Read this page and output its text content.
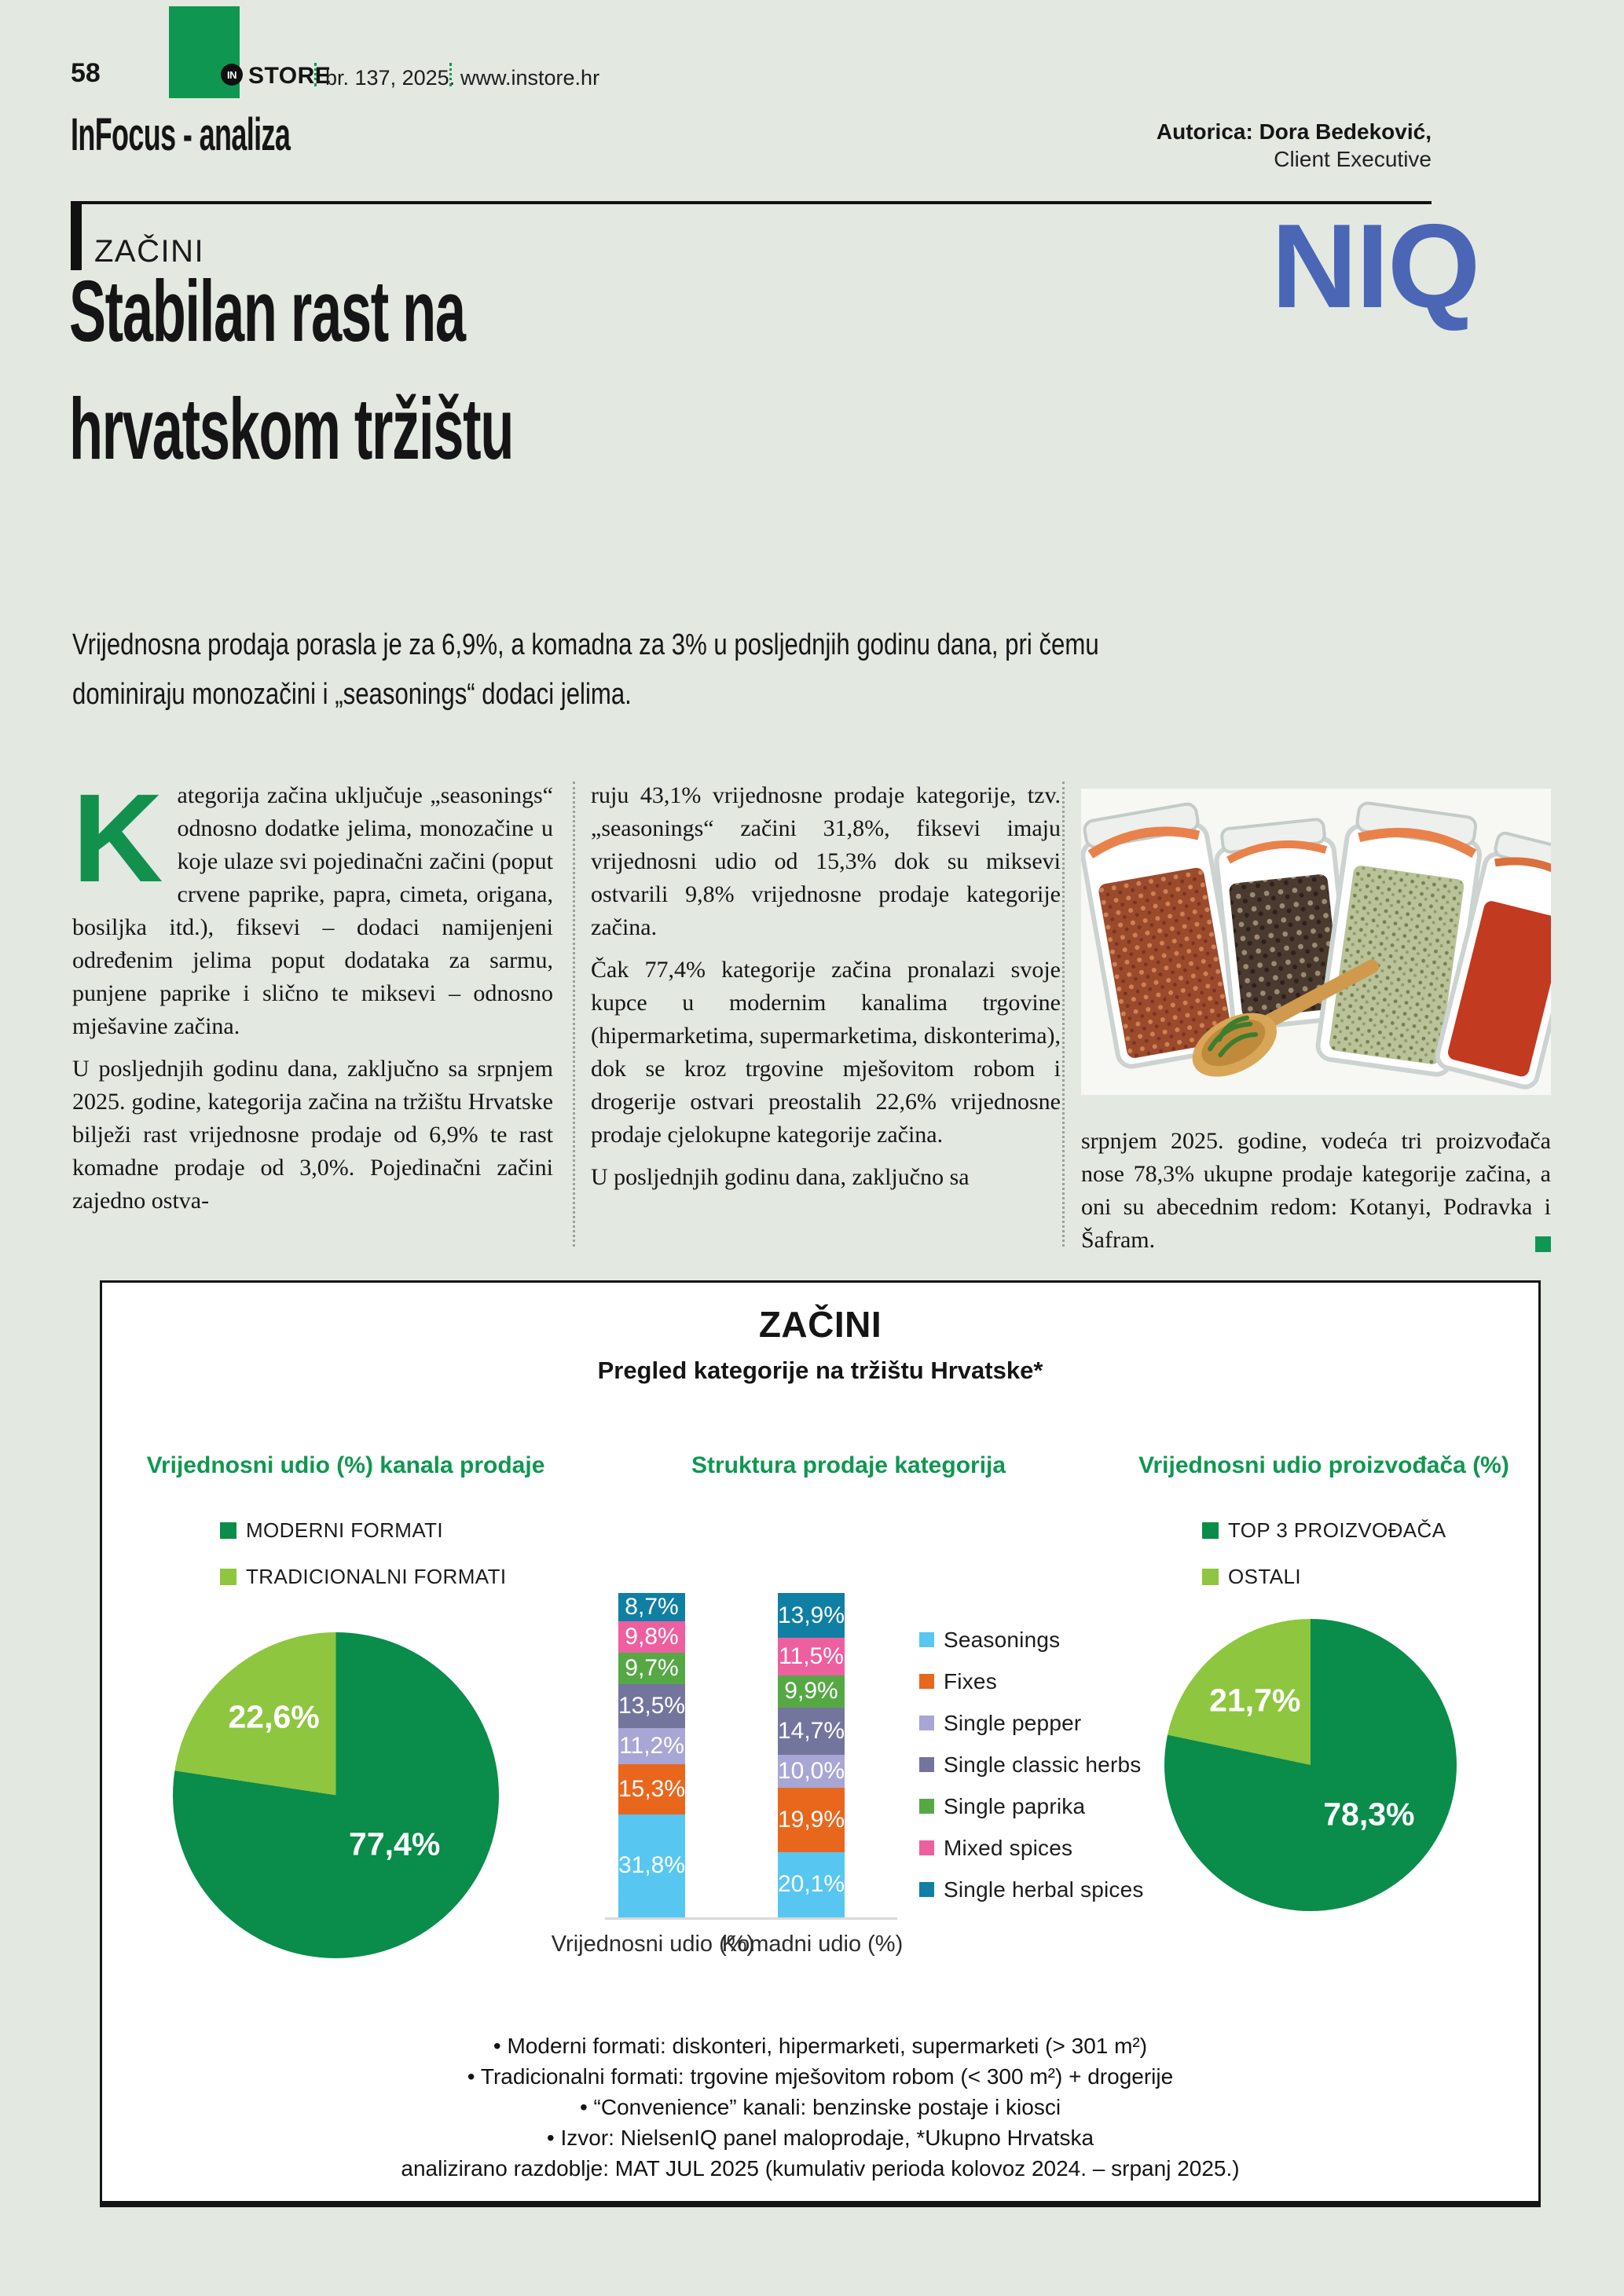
58	IN STORE
br. 137, 2025. www.instore.hr
InFocus - analiza	Autorica: Dora Bedeković,
Client Executive
ZAČINI	NIQ
Stabilan rast na
hrvatskom tržištu
Vrijednosna prodaja porasla je za 6,9%, a komadna za 3% u posljednjih godinu dana, pri čemu
dominiraju monozačini i „seasonings“ dodaci jelima.

Kategorija začina uključuje „seasonings“ odnosno dodatke jelima, monozačine u koje ulaze svi pojedinačni začini (poput crvene paprike, papra, cimeta, origana, bosiljka itd.), fiksevi – dodaci namijenjeni određenim jelima poput dodataka za sarmu, punjene paprike i slično te miksevi – odnosno mješavine začina.

U posljednjih godinu dana, zaključno sa srpnjem 2025. godine, kategorija začina na tržištu Hrvatske bilježi rast vrijednosne prodaje od 6,9% te rast komadne prodaje od 3,0%. Pojedinačni začini zajedno ostva-

ruju 43,1% vrijednosne prodaje kategorije, tzv. „seasonings“ začini 31,8%, fiksevi imaju vrijednosni udio od 15,3% dok su miksevi ostvarili 9,8% vrijednosne prodaje kategorije začina.

Čak 77,4% kategorije začina pronalazi svoje kupce u modernim kanalima trgovine (hipermarketima, supermarketima, diskonterima), dok se kroz trgovine mješovitom robom i drogerije ostvari preostalih 22,6% vrijednosne prodaje cjelokupne kategorije začina.

U posljednjih godinu dana, zaključno sa

srpnjem 2025. godine, vodeća tri proizvođača nose 78,3% ukupne prodaje kategorije začina, a oni su abecednim redom: Kotanyi, Podravka i Šafram.

ZAČINI
Pregled kategorije na tržištu Hrvatske*
Vrijednosni udio (%) kanala prodaje	Struktura prodaje kategorija	Vrijednosni udio proizvođača (%)
MODERNI FORMATI
TRADICIONALNI FORMATI
TOP 3 PROIZVOĐAČA
OSTALI
22,6%
77,4%
21,7%
78,3%
8,7%
9,8%
9,7%
13,5%
11,2%
15,3%
31,8%
13,9%
11,5%
9,9%
14,7%
10,0%
19,9%
20,1%
Vrijednosni udio (%)
Komadni udio (%)
Seasonings
Fixes
Single pepper
Single classic herbs
Single paprika
Mixed spices
Single herbal spices
• Moderni formati: diskonteri, hipermarketi, supermarketi (> 301 m²)
• Tradicionalni formati: trgovine mješovitom robom (< 300 m²) + drogerije
• “Convenience” kanali: benzinske postaje i kiosci
• Izvor: NielsenIQ panel maloprodaje, *Ukupno Hrvatska
analizirano razdoblje: MAT JUL 2025 (kumulativ perioda kolovoz 2024. – srpanj 2025.)
